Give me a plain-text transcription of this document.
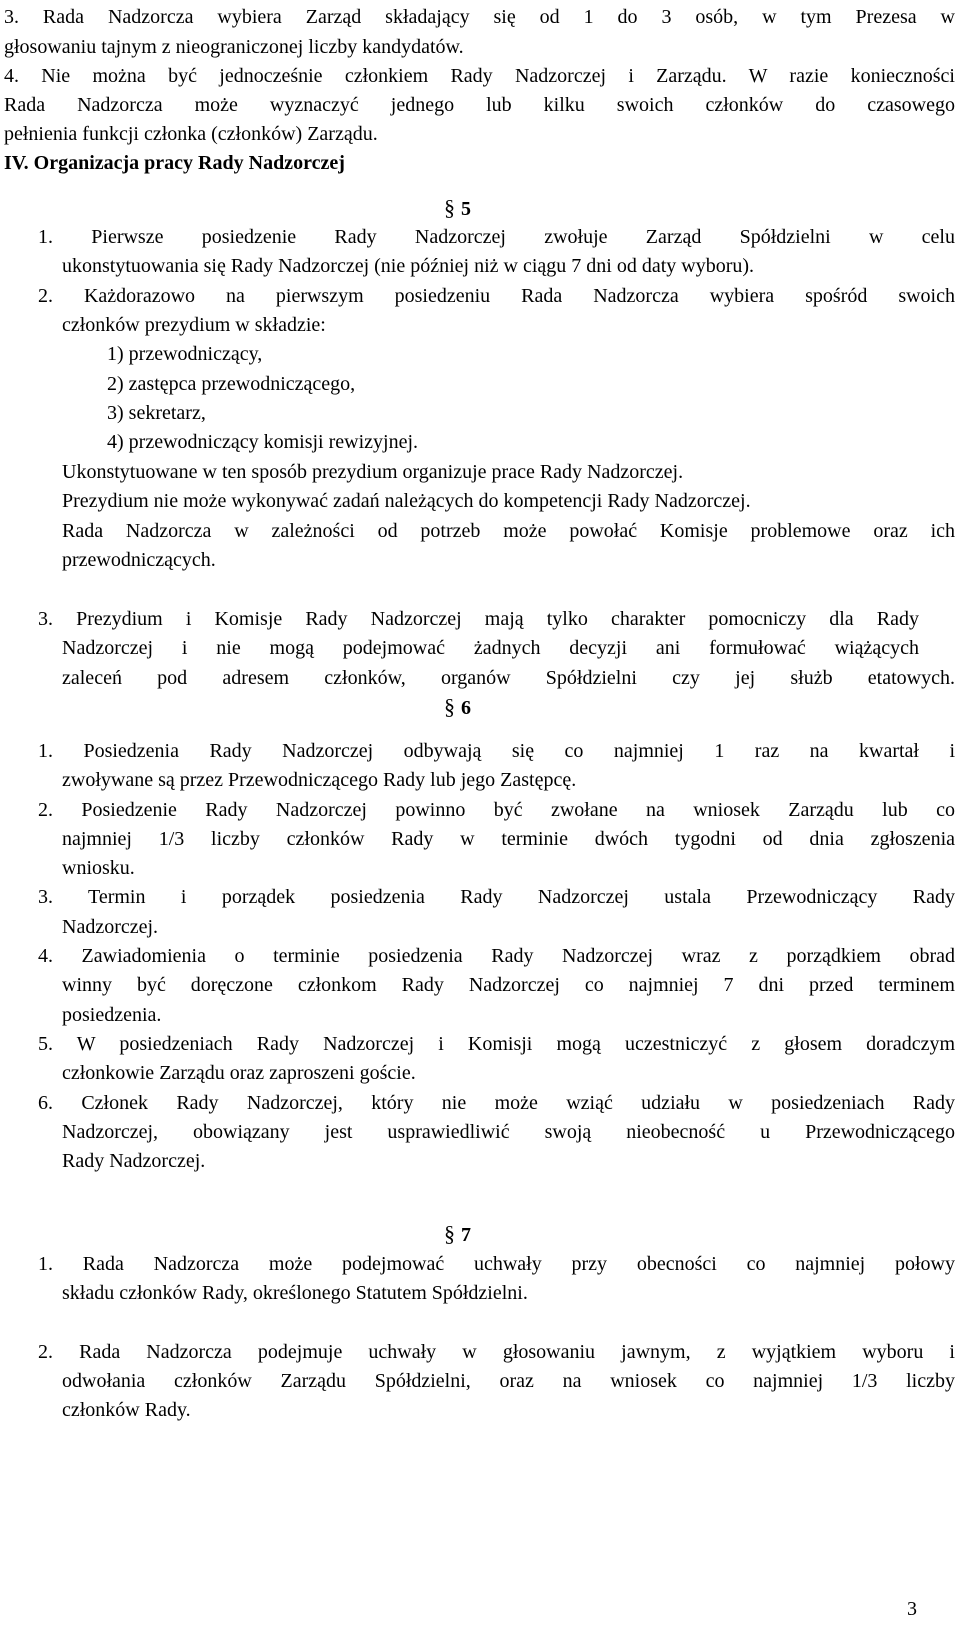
3. Rada Nadzorcza wybiera Zarząd składający się od 1 do 3 osób, w tym Prezesa w
głosowaniu tajnym z nieograniczonej liczby kandydatów.
4. Nie można być jednocześnie członkiem Rady Nadzorczej i Zarządu. W razie konieczności
Rada Nadzorcza może wyznaczyć jednego lub kilku swoich członków do czasowego
pełnienia funkcji członka (członków) Zarządu.
IV. Organizacja pracy Rady Nadzorczej
§ 5
1. Pierwsze posiedzenie Rady Nadzorczej zwołuje Zarząd Spółdzielni w celu
ukonstytuowania się Rady Nadzorczej (nie później niż w ciągu 7 dni od daty wyboru).
2. Każdorazowo na pierwszym posiedzeniu Rada Nadzorcza wybiera spośród swoich
członków prezydium w składzie:
1) przewodniczący,
2) zastępca przewodniczącego,
3) sekretarz,
4) przewodniczący komisji rewizyjnej.
Ukonstytuowane w ten sposób prezydium organizuje prace Rady Nadzorczej.
Prezydium nie może wykonywać zadań należących do kompetencji Rady Nadzorczej.
Rada Nadzorcza w zależności od potrzeb może powołać Komisje problemowe oraz ich
przewodniczących.
3. Prezydium i Komisje Rady Nadzorczej mają tylko charakter pomocniczy dla Rady
Nadzorczej i nie mogą podejmować żadnych decyzji ani formułować wiążących
zaleceń pod adresem członków, organów Spółdzielni czy jej służb etatowych.
§ 6
1. Posiedzenia Rady Nadzorczej odbywają się co najmniej 1 raz na kwartał i
zwoływane są przez Przewodniczącego Rady lub jego Zastępcę.
2. Posiedzenie Rady Nadzorczej powinno być zwołane na wniosek Zarządu lub co
najmniej 1/3 liczby członków Rady w terminie dwóch tygodni od dnia zgłoszenia
wniosku.
3. Termin i porządek posiedzenia Rady Nadzorczej ustala Przewodniczący Rady
Nadzorczej.
4. Zawiadomienia o terminie posiedzenia Rady Nadzorczej wraz z porządkiem obrad
winny być doręczone członkom Rady Nadzorczej co najmniej 7 dni przed terminem
posiedzenia.
5. W posiedzeniach Rady Nadzorczej i Komisji mogą uczestniczyć z głosem doradczym
członkowie Zarządu oraz zaproszeni goście.
6. Członek Rady Nadzorczej, który nie może wziąć udziału w posiedzeniach Rady
Nadzorczej, obowiązany jest usprawiedliwić swoją nieobecność u Przewodniczącego
Rady Nadzorczej.
§ 7
1. Rada Nadzorcza może podejmować uchwały przy obecności co najmniej połowy
składu członków Rady, określonego Statutem Spółdzielni.
2. Rada Nadzorcza podejmuje uchwały w głosowaniu jawnym, z wyjątkiem wyboru i
odwołania członków Zarządu Spółdzielni, oraz na wniosek co najmniej 1/3 liczby
członków Rady.
3
